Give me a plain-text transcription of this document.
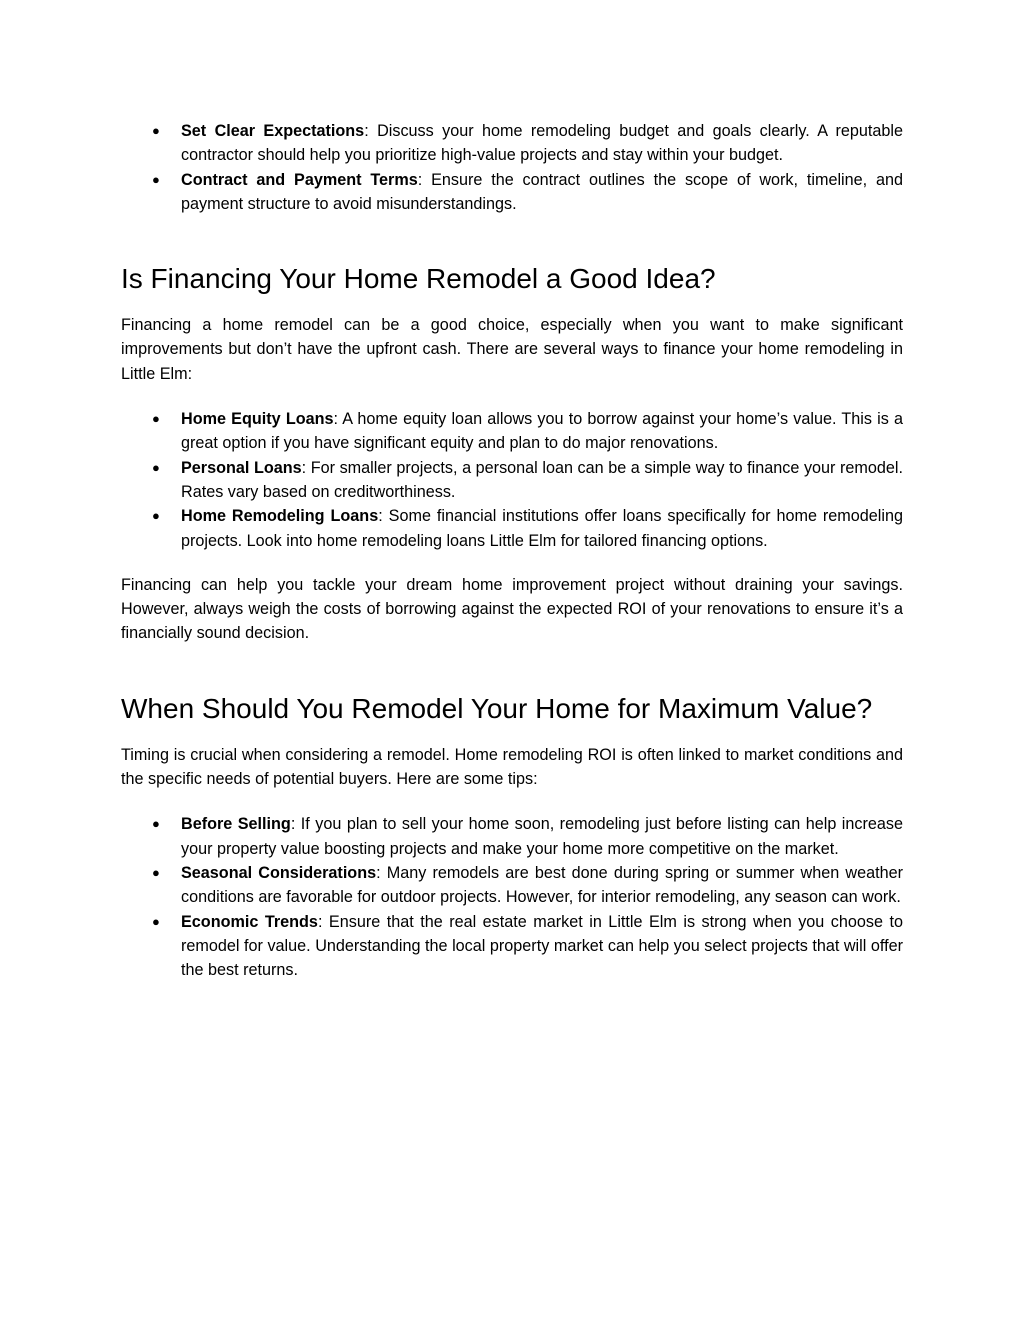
● Set Clear Expectations: Discuss your home remodeling budget and goals clearly. A reputable contractor should help you prioritize high-value projects and stay within your budget.
● Contract and Payment Terms: Ensure the contract outlines the scope of work, timeline, and payment structure to avoid misunderstandings.
Is Financing Your Home Remodel a Good Idea?

Financing a home remodel can be a good choice, especially when you want to make significant improvements but don’t have the upfront cash. There are several ways to finance your home remodeling in Little Elm:

● Home Equity Loans: A home equity loan allows you to borrow against your home’s value. This is a great option if you have significant equity and plan to do major renovations.
● Personal Loans: For smaller projects, a personal loan can be a simple way to finance your remodel. Rates vary based on creditworthiness.
● Home Remodeling Loans: Some financial institutions offer loans specifically for home remodeling projects. Look into home remodeling loans Little Elm for tailored financing options.

Financing can help you tackle your dream home improvement project without draining your savings. However, always weigh the costs of borrowing against the expected ROI of your renovations to ensure it’s a financially sound decision.

When Should You Remodel Your Home for Maximum Value?

Timing is crucial when considering a remodel. Home remodeling ROI is often linked to market conditions and the specific needs of potential buyers. Here are some tips:

● Before Selling: If you plan to sell your home soon, remodeling just before listing can help increase your property value boosting projects and make your home more competitive on the market.
● Seasonal Considerations: Many remodels are best done during spring or summer when weather conditions are favorable for outdoor projects. However, for interior remodeling, any season can work.
● Economic Trends: Ensure that the real estate market in Little Elm is strong when you choose to remodel for value. Understanding the local property market can help you select projects that will offer the best returns.
